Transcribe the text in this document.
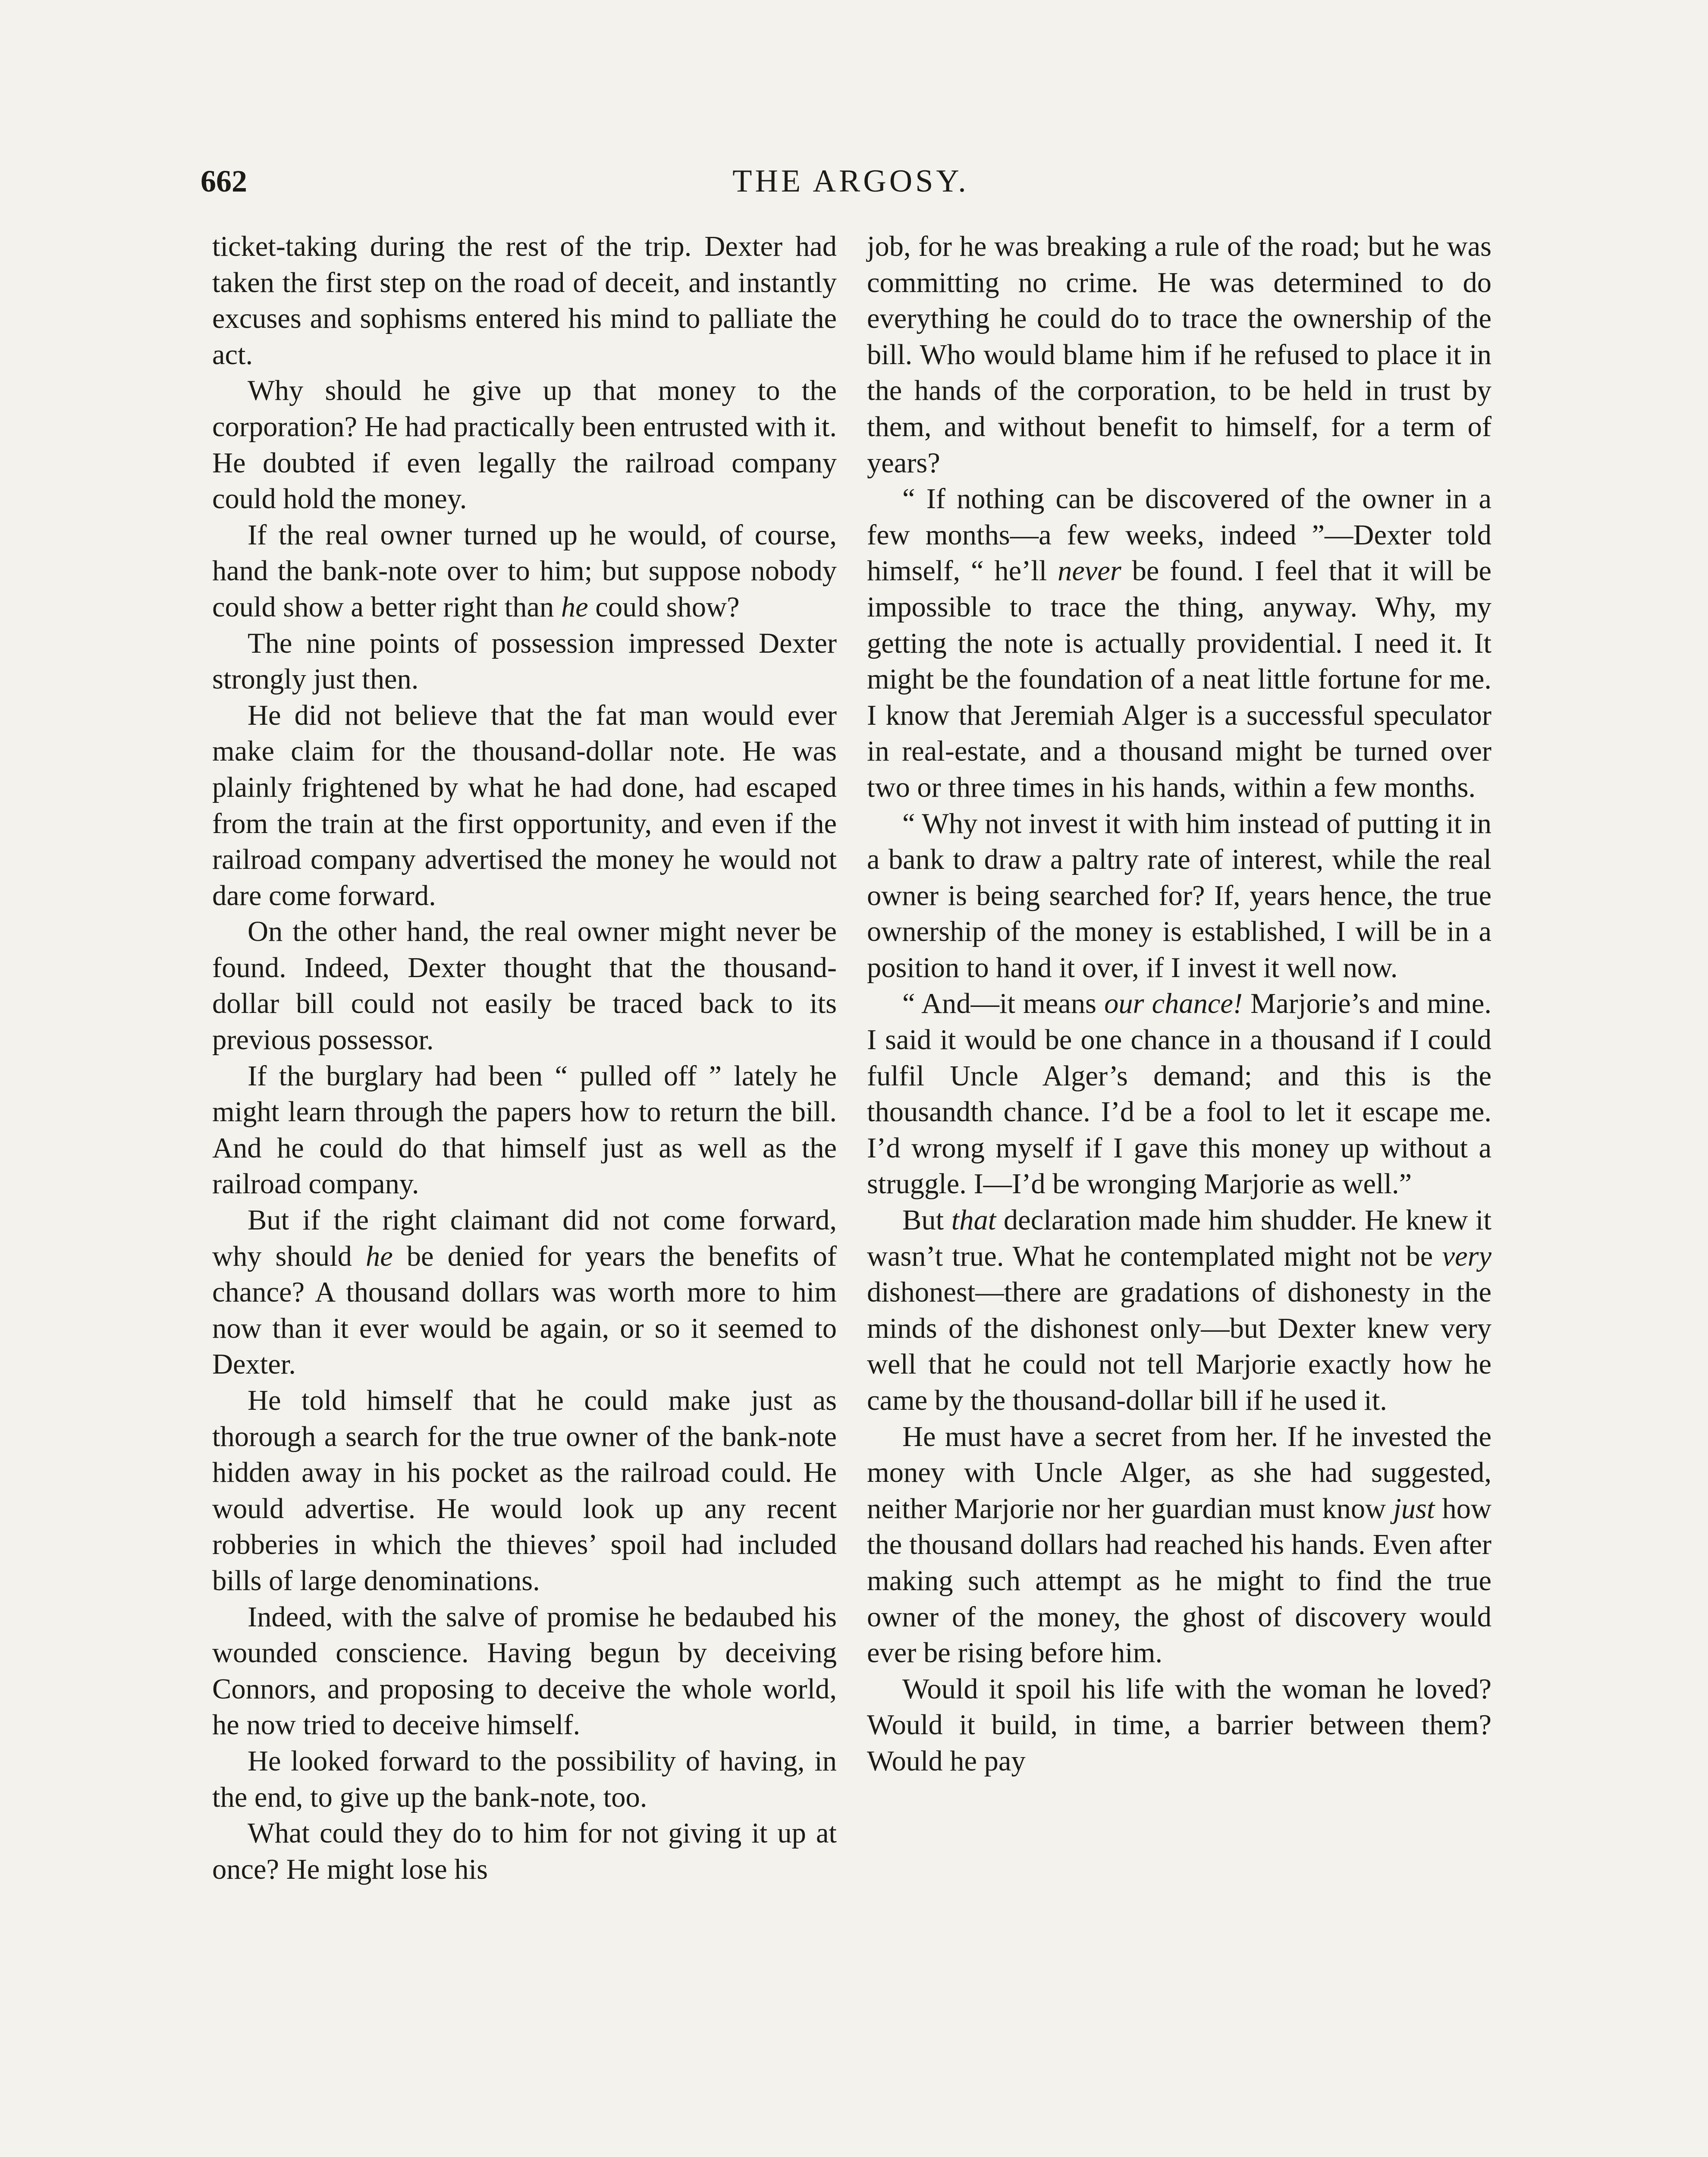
662	THE ARGOSY.

ticket-taking during the rest of the trip. Dexter had taken the first step on the road of deceit, and instantly excuses and sophisms entered his mind to palliate the act.

Why should he give up that money to the corporation? He had practically been entrusted with it. He doubted if even legally the railroad company could hold the money.

If the real owner turned up he would, of course, hand the bank-note over to him; but suppose nobody could show a better right than he could show?

The nine points of possession impressed Dexter strongly just then.

He did not believe that the fat man would ever make claim for the thousand-dollar note. He was plainly frightened by what he had done, had escaped from the train at the first opportunity, and even if the railroad company advertised the money he would not dare come forward.

On the other hand, the real owner might never be found. Indeed, Dexter thought that the thousand-dollar bill could not easily be traced back to its previous possessor.

If the burglary had been “ pulled off ” lately he might learn through the papers how to return the bill. And he could do that himself just as well as the railroad company.

But if the right claimant did not come forward, why should he be denied for years the benefits of chance? A thousand dollars was worth more to him now than it ever would be again, or so it seemed to Dexter.

He told himself that he could make just as thorough a search for the true owner of the bank-note hidden away in his pocket as the railroad could. He would advertise. He would look up any recent robberies in which the thieves’ spoil had included bills of large denominations.

Indeed, with the salve of promise he bedaubed his wounded conscience. Having begun by deceiving Connors, and proposing to deceive the whole world, he now tried to deceive himself.

He looked forward to the possibility of having, in the end, to give up the bank-note, too.

What could they do to him for not giving it up at once? He might lose his

job, for he was breaking a rule of the road; but he was committing no crime. He was determined to do everything he could do to trace the ownership of the bill. Who would blame him if he refused to place it in the hands of the corporation, to be held in trust by them, and without benefit to himself, for a term of years?

“ If nothing can be discovered of the owner in a few months—a few weeks, indeed ”—Dexter told himself, “ he’ll never be found. I feel that it will be impossible to trace the thing, anyway. Why, my getting the note is actually providential. I need it. It might be the foundation of a neat little fortune for me. I know that Jeremiah Alger is a successful speculator in real-estate, and a thousand might be turned over two or three times in his hands, within a few months.

“ Why not invest it with him instead of putting it in a bank to draw a paltry rate of interest, while the real owner is being searched for? If, years hence, the true ownership of the money is established, I will be in a position to hand it over, if I invest it well now.

“ And—it means our chance! Marjorie’s and mine. I said it would be one chance in a thousand if I could fulfil Uncle Alger’s demand; and this is the thousandth chance. I’d be a fool to let it escape me. I’d wrong myself if I gave this money up without a struggle. I—I’d be wronging Marjorie as well.”

But that declaration made him shudder. He knew it wasn’t true. What he contemplated might not be very dishonest—there are gradations of dishonesty in the minds of the dishonest only—but Dexter knew very well that he could not tell Marjorie exactly how he came by the thousand-dollar bill if he used it.

He must have a secret from her. If he invested the money with Uncle Alger, as she had suggested, neither Marjorie nor her guardian must know just how the thousand dollars had reached his hands. Even after making such attempt as he might to find the true owner of the money, the ghost of discovery would ever be rising before him.

Would it spoil his life with the woman he loved? Would it build, in time, a barrier between them? Would he pay
